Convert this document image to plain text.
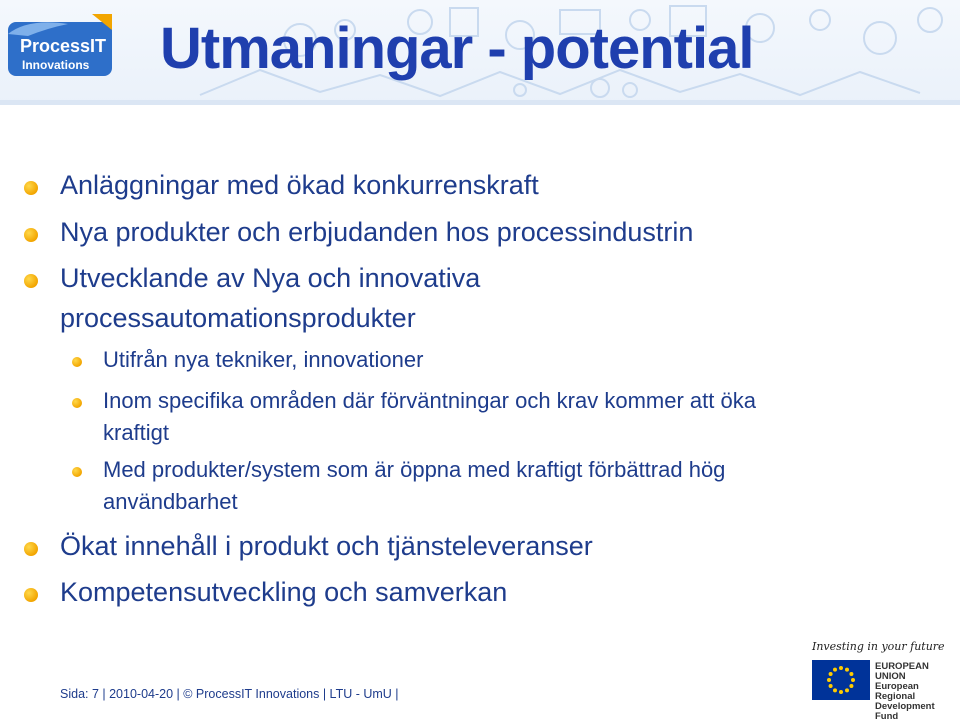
ProcessIT
Innovations Utmaningar - potential
Anläggningar med ökad konkurrenskraft
Nya produkter och erbjudanden hos processindustrin
Utvecklande av Nya och innovativa
processautomationsprodukter
Utifrån nya tekniker, innovationer
Inom specifika områden där förväntningar och krav kommer att öka
kraftigt
Med produkter/system som är öppna med kraftigt förbättrad hög
användbarhet
Ökat innehåll i produkt och tjänsteleveranser
Kompetensutveckling och samverkan
Investing in your future
EUROPEAN
UNION
European Regional
Development Fund
Sida: 7 | 2010-04-20 | © ProcessIT Innovations | LTU - UmU |
